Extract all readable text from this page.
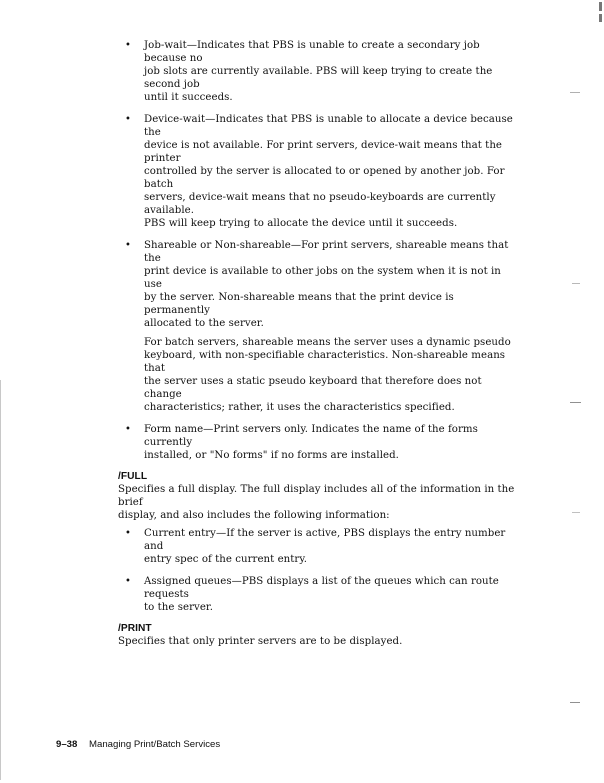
• Job-wait—Indicates that PBS is unable to create a secondary job because no
job slots are currently available. PBS will keep trying to create the second job
until it succeeds.
• Device-wait—Indicates that PBS is unable to allocate a device because the
device is not available. For print servers, device-wait means that the printer
controlled by the server is allocated to or opened by another job. For batch
servers, device-wait means that no pseudo-keyboards are currently available.
PBS will keep trying to allocate the device until it succeeds.
• Shareable or Non-shareable—For print servers, shareable means that the
print device is available to other jobs on the system when it is not in use
by the server. Non-shareable means that the print device is permanently
allocated to the server.
For batch servers, shareable means the server uses a dynamic pseudo
keyboard, with non-specifiable characteristics. Non-shareable means that
the server uses a static pseudo keyboard that therefore does not change
characteristics; rather, it uses the characteristics specified.
• Form name—Print servers only. Indicates the name of the forms currently
installed, or "No forms" if no forms are installed.
/FULL
Specifies a full display. The full display includes all of the information in the brief
display, and also includes the following information:
• Current entry—If the server is active, PBS displays the entry number and
entry spec of the current entry.
• Assigned queues—PBS displays a list of the queues which can route requests
to the server.
/PRINT
Specifies that only printer servers are to be displayed.
9–38 Managing Print/Batch Services
